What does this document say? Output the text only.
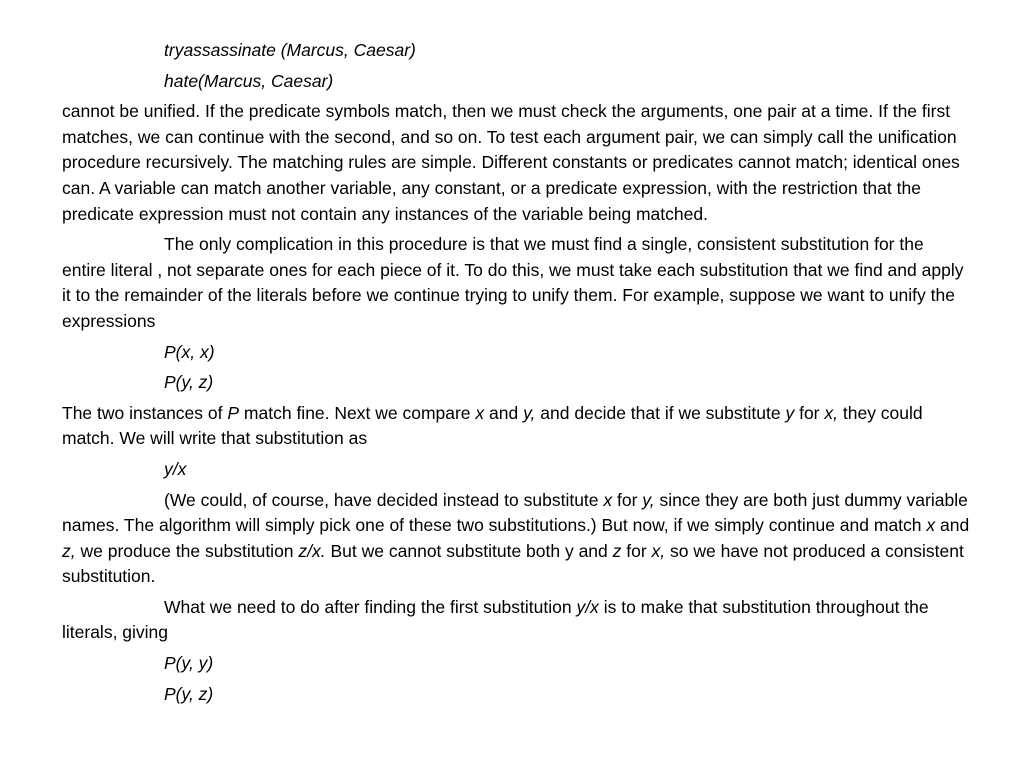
tryassassinate (Marcus, Caesar)
hate(Marcus, Caesar)

cannot be unified. If the predicate symbols match, then we must check the arguments, one pair at a time. If the first matches, we can continue with the second, and so on. To test each argument pair, we can simply call the unification procedure recursively. The matching rules are simple. Different constants or predicates cannot match; identical ones can. A variable can match another variable, any constant, or a predicate expression, with the restriction that the predicate expression must not contain any instances of the variable being matched.

The only complication in this procedure is that we must find a single, consistent substitution for the entire literal , not separate ones for each piece of it. To do this, we must take each substitution that we find and apply it to the remainder of the literals before we continue trying to unify them. For example, suppose we want to unify the expressions

P(x, x)
P(y, z)

The two instances of P match fine. Next we compare x and y, and decide that if we substitute y for x, they could match. We will write that substitution as

y/x

(We could, of course, have decided instead to substitute x for y, since they are both just dummy variable names. The algorithm will simply pick one of these two substitutions.) But now, if we simply continue and match x and z, we produce the substitution z/x. But we cannot substitute both y and z for x, so we have not produced a consistent substitution.

What we need to do after finding the first substitution y/x is to make that substitution throughout the literals, giving

P(y, y)
P(y, z)
